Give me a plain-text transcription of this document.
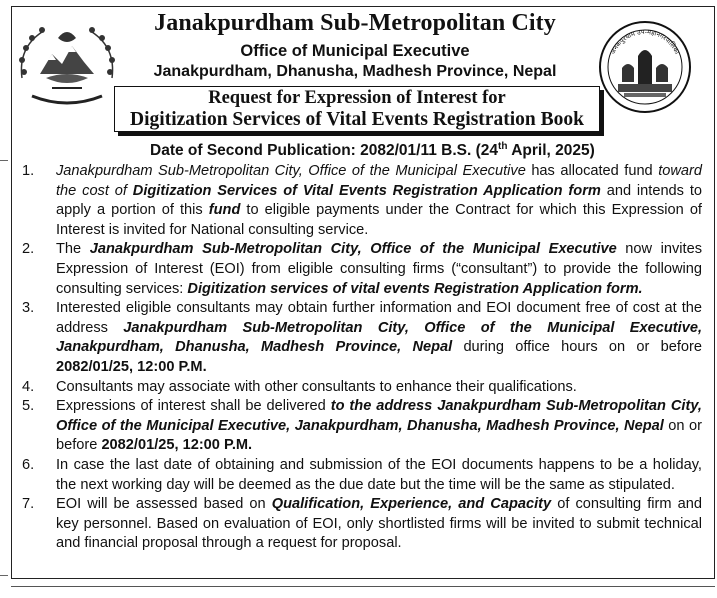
जनकपुरधाम उप-महानगरपालिका
Janakpurdham Sub-Metropolitan City
Office of Municipal Executive
Janakpurdham, Dhanusha, Madhesh Province, Nepal
Request for Expression of Interest for
Digitization Services of Vital Events Registration Book
Date of Second Publication: 2082/01/11 B.S. (24th April, 2025)
1. Janakpurdham Sub-Metropolitan City, Office of the Municipal Executive has allocated fund toward the cost of Digitization Services of Vital Events Registration Application form and intends to apply a portion of this fund to eligible payments under the Contract for which this Expression of Interest is invited for National consulting service.
2. The Janakpurdham Sub-Metropolitan City, Office of the Municipal Executive now invites Expression of Interest (EOI) from eligible consulting firms (“consultant”) to provide the following consulting services: Digitization services of vital events Registration Application form.
3. Interested eligible consultants may obtain further information and EOI document free of cost at the address Janakpurdham Sub-Metropolitan City, Office of the Municipal Executive, Janakpurdham, Dhanusha, Madhesh Province, Nepal during office hours on or before 2082/01/25, 12:00 P.M.
4. Consultants may associate with other consultants to enhance their qualifications.
5. Expressions of interest shall be delivered to the address Janakpurdham Sub-Metropolitan City, Office of the Municipal Executive, Janakpurdham, Dhanusha, Madhesh Province, Nepal on or before 2082/01/25, 12:00 P.M.
6. In case the last date of obtaining and submission of the EOI documents happens to be a holiday, the next working day will be deemed as the due date but the time will be the same as stipulated.
7. EOI will be assessed based on Qualification, Experience, and Capacity of consulting firm and key personnel. Based on evaluation of EOI, only shortlisted firms will be invited to submit technical and financial proposal through a request for proposal.
